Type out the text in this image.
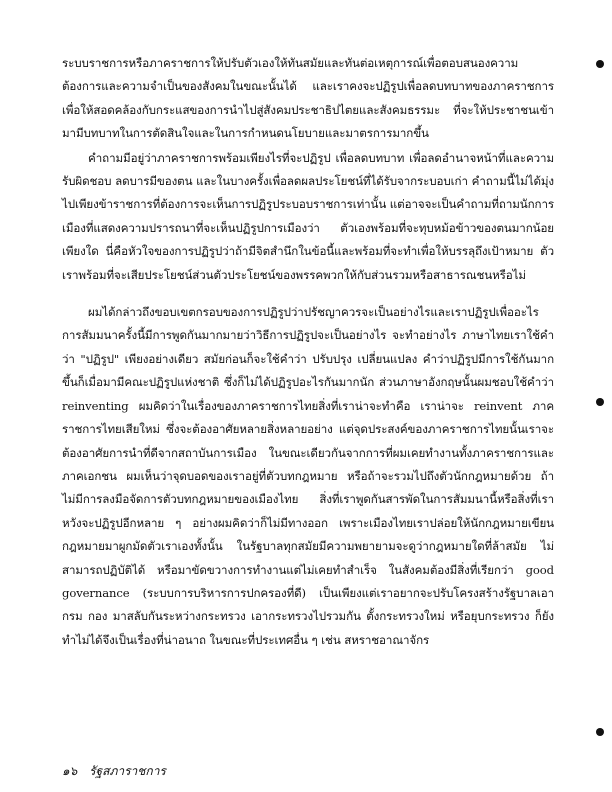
ระบบราชการหรือภาคราชการให้ปรับตัวเองให้ทันสมัยและทันต่อเหตุการณ์เพื่อตอบสนองความต้องการและความจำเป็นของสังคมในขณะนั้นได้ และเราคงจะปฏิรูปเพื่อลดบทบาทของภาคราชการเพื่อให้สอดคล้องกับกระแสของการนำไปสู่สังคมประชาธิปไตยและสังคมธรรมะ ที่จะให้ประชาชนเข้ามามีบทบาทในการตัดสินใจและในการกำหนดนโยบายและมาตรการมากขึ้น

คำถามมีอยู่ว่าภาคราชการพร้อมเพียงไรที่จะปฏิรูป เพื่อลดบทบาท เพื่อลดอำนาจหน้าที่และความรับผิดชอบ ลดบารมีของตน และในบางครั้งเพื่อลดผลประโยชน์ที่ได้รับจากระบอบเก่า คำถามนี้ไม่ได้มุ่งไปเพียงข้าราชการที่ต้องการจะเห็นการปฏิรูประบอบราชการเท่านั้น แต่อาจจะเป็นคำถามที่ถามนักการเมืองที่แสดงความปรารถนาที่จะเห็นปฏิรูปการเมืองว่า ตัวเองพร้อมที่จะทุบหม้อข้าวของตนมากน้อยเพียงใด นี่คือหัวใจของการปฏิรูปว่าถ้ามีจิตสำนึกในข้อนี้และพร้อมที่จะทำเพื่อให้บรรลุถึงเป้าหมาย ตัวเราพร้อมที่จะเสียประโยชน์ส่วนตัวประโยชน์ของพรรคพวกให้กับส่วนรวมหรือสาธารณชนหรือไม่

ผมได้กล่าวถึงขอบเขตกรอบของการปฏิรูปว่าปรัชญาควรจะเป็นอย่างไรและเราปฏิรูปเพื่ออะไร การสัมมนาครั้งนี้มีการพูดกันมากมายว่าวิธีการปฏิรูปจะเป็นอย่างไร จะทำอย่างไร ภาษาไทยเราใช้คำว่า "ปฏิรูป" เพียงอย่างเดียว สมัยก่อนก็จะใช้คำว่า ปรับปรุง เปลี่ยนแปลง คำว่าปฏิรูปมีการใช้กันมากขึ้นก็เมื่อมามีคณะปฏิรูปแห่งชาติ ซึ่งก็ไม่ได้ปฏิรูปอะไรกันมากนัก ส่วนภาษาอังกฤษนั้นผมชอบใช้คำว่า reinventing ผมคิดว่าในเรื่องของภาคราชการไทยสิ่งที่เราน่าจะทำคือ เราน่าจะ reinvent ภาคราชการไทยเสียใหม่ ซึ่งจะต้องอาศัยหลายสิ่งหลายอย่าง แต่จุดประสงค์ของภาคราชการไทยนั้นเราจะต้องอาศัยการนำที่ดีจากสถาบันการเมือง ในขณะเดียวกันจากการที่ผมเคยทำงานทั้งภาคราชการและภาคเอกชน ผมเห็นว่าจุดบอดของเราอยู่ที่ตัวบทกฎหมาย หรือถ้าจะรวมไปถึงตัวนักกฎหมายด้วย ถ้าไม่มีการลงมือจัดการตัวบทกฎหมายของเมืองไทย สิ่งที่เราพูดกันสารพัดในการสัมมนานี้หรือสิ่งที่เราหวังจะปฏิรูปอีกหลาย ๆ อย่างผมคิดว่าก็ไม่มีทางออก เพราะเมืองไทยเราปล่อยให้นักกฎหมายเขียนกฎหมายมาผูกมัดตัวเราเองทั้งนั้น ในรัฐบาลทุกสมัยมีความพยายามจะดูว่ากฎหมายใดที่ล้าสมัย ไม่สามารถปฏิบัติได้ หรือมาขัดขวางการทำงานแต่ไม่เคยทำสำเร็จ ในสังคมต้องมีสิ่งที่เรียกว่า good governance (ระบบการบริหารการปกครองที่ดี) เป็นเพียงแต่เราอยากจะปรับโครงสร้างรัฐบาลเอากรม กอง มาสลับกันระหว่างกระทรวง เอากระทรวงไปรวมกัน ตั้งกระทรวงใหม่ หรือยุบกระทรวง ก็ยังทำไม่ได้จึงเป็นเรื่องที่น่าอนาถ ในขณะที่ประเทศอื่น ๆ เช่น สหราชอาณาจักร

๑๖ รัฐสภาราชการ
